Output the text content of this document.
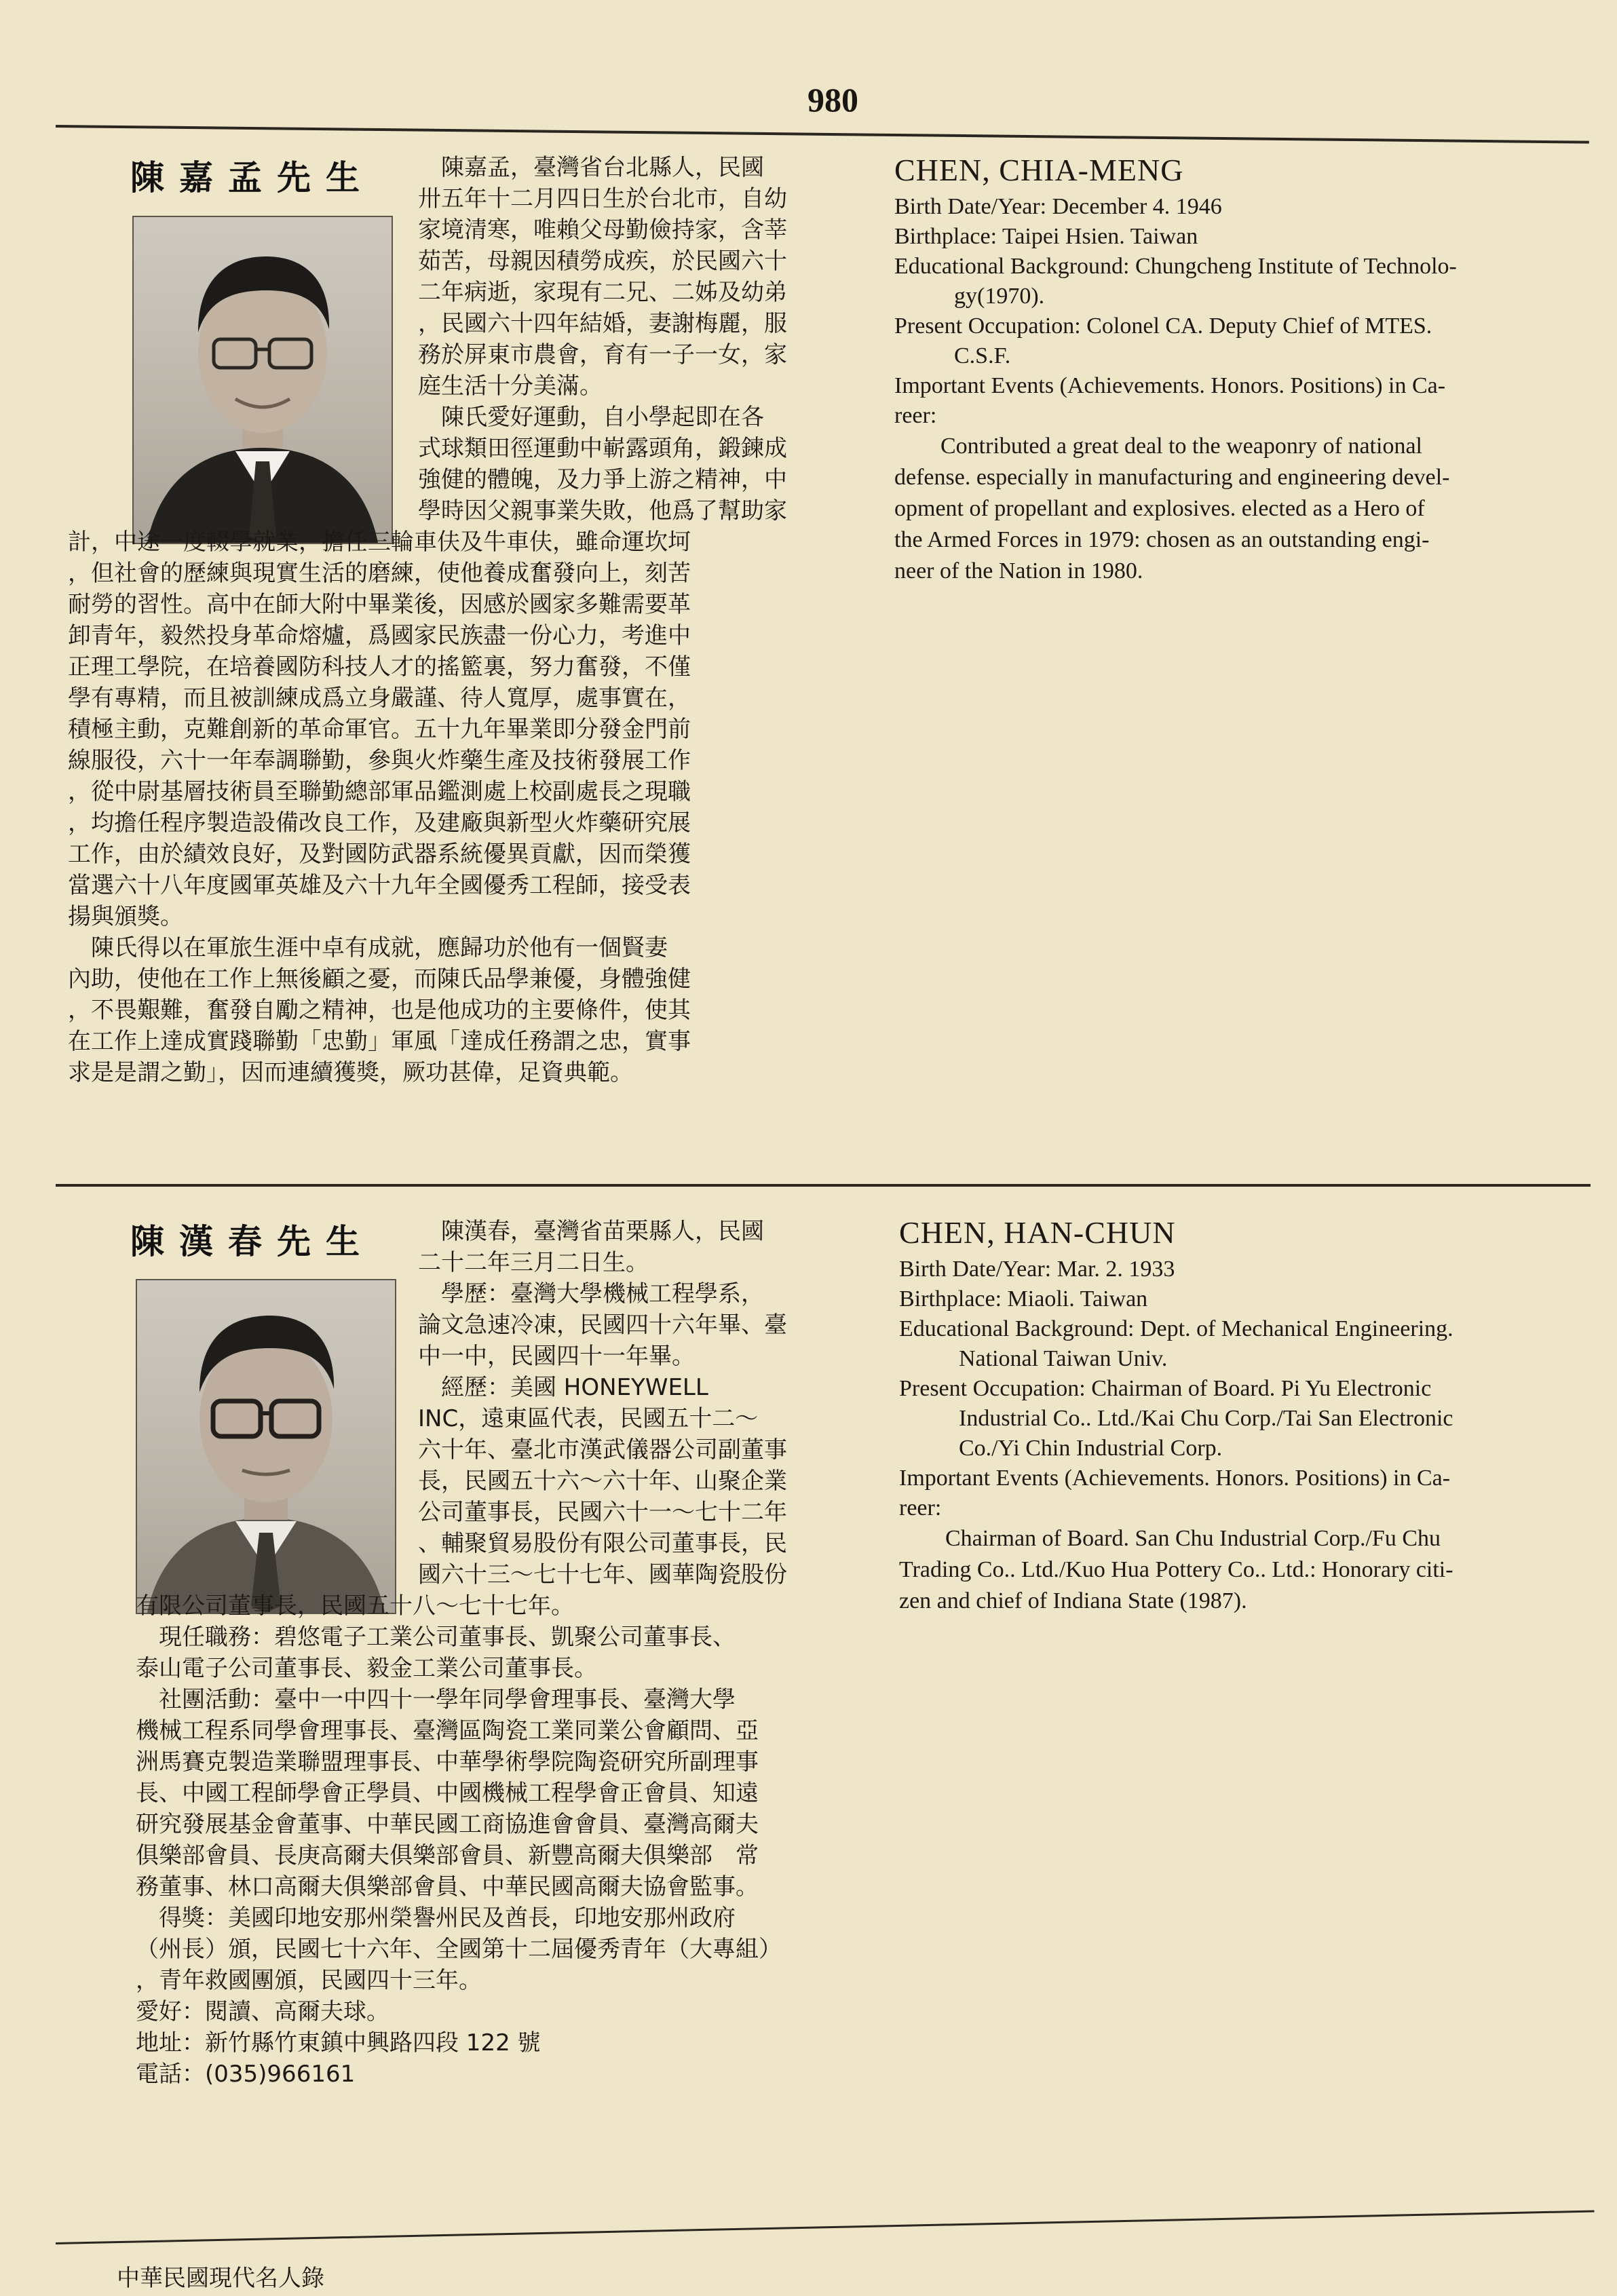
980
陳嘉孟先生 　陳嘉孟，臺灣省台北縣人，民國
卅五年十二月四日生於台北市，自幼
家境清寒，唯賴父母勤儉持家，含莘
茹苦，母親因積勞成疾，於民國六十
二年病逝，家現有二兄、二姊及幼弟
，民國六十四年結婚，妻謝梅麗，服
務於屏東市農會，育有一子一女，家
庭生活十分美滿。
　陳氏愛好運動，自小學起即在各
式球類田徑運動中嶄露頭角，鍛鍊成
強健的體魄，及力爭上游之精神，中
學時因父親事業失敗，他爲了幫助家
計，中途一度輟學就業，擔任三輪車伕及牛車伕，雖命運坎坷
，但社會的歷練與現實生活的磨練，使他養成奮發向上，刻苦
耐勞的習性。高中在師大附中畢業後，因感於國家多難需要革
卸青年，毅然投身革命熔爐，爲國家民族盡一份心力，考進中
正理工學院，在培養國防科技人才的搖籃裏，努力奮發，不僅
學有專精，而且被訓練成爲立身嚴謹、待人寬厚，處事實在，
積極主動，克難創新的革命軍官。五十九年畢業即分發金門前
線服役，六十一年奉調聯勤，參與火炸藥生產及技術發展工作
，從中尉基層技術員至聯勤總部軍品鑑測處上校副處長之現職
，均擔任程序製造設備改良工作，及建廠與新型火炸藥研究展
工作，由於績效良好，及對國防武器系統優異貢獻，因而榮獲
當選六十八年度國軍英雄及六十九年全國優秀工程師，接受表
揚與頒獎。
　陳氏得以在軍旅生涯中卓有成就，應歸功於他有一個賢妻
內助，使他在工作上無後顧之憂，而陳氏品學兼優，身體強健
，不畏艱難，奮發自勵之精神，也是他成功的主要條件，使其
在工作上達成實踐聯勤「忠勤」軍風「達成任務謂之忠，實事
求是是謂之勤」，因而連續獲獎，厥功甚偉，足資典範。
CHEN, CHIA-MENG

Birth Date/Year: December 4. 1946

Birthplace: Taipei Hsien. Taiwan

Educational Background: Chungcheng Institute of Technolo-

gy(1970).

Present Occupation: Colonel CA. Deputy Chief of MTES.

C.S.F.

Important Events (Achievements. Honors. Positions) in Ca-

reer:

　　Contributed a great deal to the weaponry of national

defense. especially in manufacturing and engineering devel-

opment of propellant and explosives. elected as a Hero of

the Armed Forces in 1979: chosen as an outstanding engi-

neer of the Nation in 1980.

陳漢春先生 　陳漢春，臺灣省苗栗縣人，民國
二十二年三月二日生。
　學歷：臺灣大學機械工程學系，
論文急速冷凍，民國四十六年畢、臺
中一中，民國四十一年畢。
　經歷：美國 HONEYWELL
INC，遠東區代表，民國五十二～
六十年、臺北市漢武儀器公司副董事
長，民國五十六～六十年、山聚企業
公司董事長，民國六十一～七十二年
、輔聚貿易股份有限公司董事長，民
國六十三～七十七年、國華陶瓷股份
有限公司董事長，民國五十八～七十七年。
　現任職務：碧悠電子工業公司董事長、凱聚公司董事長、
泰山電子公司董事長、毅金工業公司董事長。
　社團活動：臺中一中四十一學年同學會理事長、臺灣大學
機械工程系同學會理事長、臺灣區陶瓷工業同業公會顧問、亞
洲馬賽克製造業聯盟理事長、中華學術學院陶瓷研究所副理事
長、中國工程師學會正學員、中國機械工程學會正會員、知遠
研究發展基金會董事、中華民國工商協進會會員、臺灣高爾夫
俱樂部會員、長庚高爾夫俱樂部會員、新豐高爾夫俱樂部　常
務董事、林口高爾夫俱樂部會員、中華民國高爾夫協會監事。
　得獎：美國印地安那州榮譽州民及酋長，印地安那州政府
（州長）頒，民國七十六年、全國第十二屆優秀青年（大專組）
，青年救國團頒，民國四十三年。
愛好：閱讀、高爾夫球。
地址：新竹縣竹東鎮中興路四段 122 號
電話：(035)966161
CHEN, HAN-CHUN

Birth Date/Year: Mar. 2. 1933

Birthplace: Miaoli. Taiwan

Educational Background: Dept. of Mechanical Engineering.

National Taiwan Univ.

Present Occupation: Chairman of Board. Pi Yu Electronic

Industrial Co.. Ltd./Kai Chu Corp./Tai San Electronic

Co./Yi Chin Industrial Corp.

Important Events (Achievements. Honors. Positions) in Ca-

reer:

　　Chairman of Board. San Chu Industrial Corp./Fu Chu

Trading Co.. Ltd./Kuo Hua Pottery Co.. Ltd.: Honorary citi-

zen and chief of Indiana State (1987).

中華民國現代名人錄
